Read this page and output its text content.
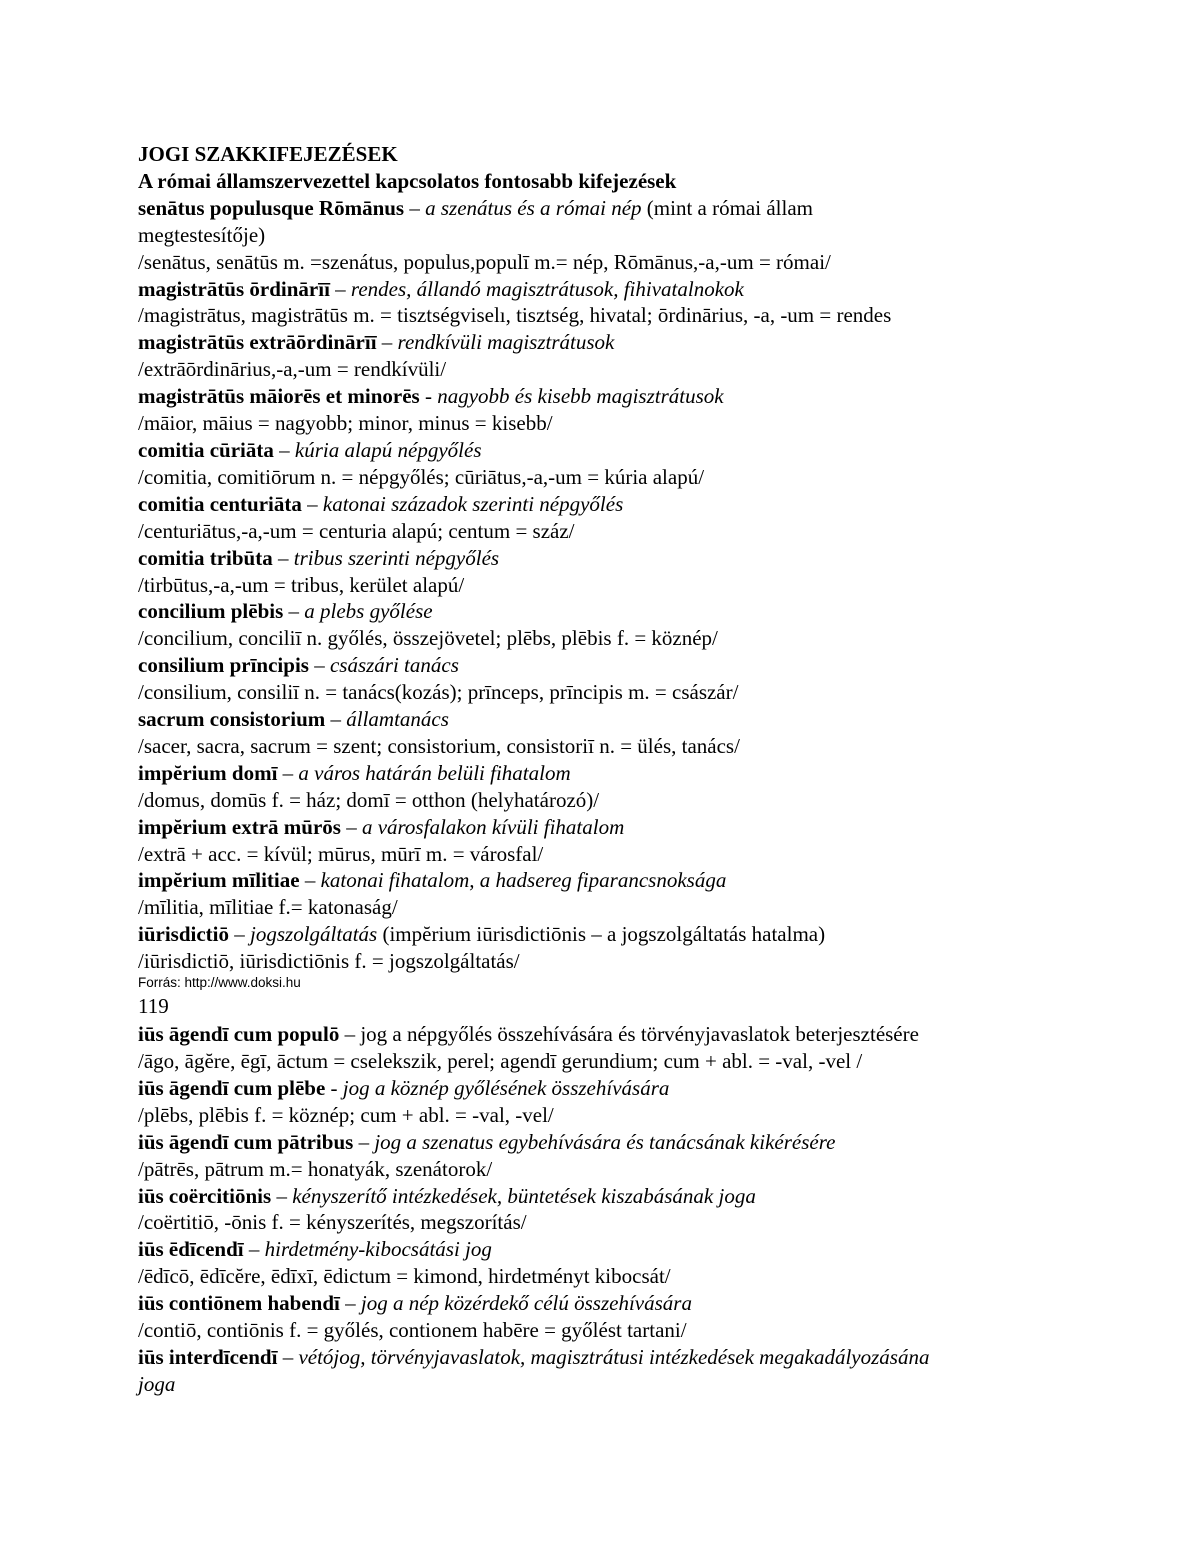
JOGI SZAKKIFEJEZÉSEK

A római államszervezettel kapcsolatos fontosabb kifejezések

senātus populusque Rōmānus – a szenátus és a római nép (mint a római állam

megtestesítője)

/senātus, senātūs m. =szenátus, populus,populī m.= nép, Rōmānus,-a,-um = római/

magistrātūs ōrdinārīī – rendes, állandó magisztrátusok, fihivatalnokok

/magistrātus, magistrātūs m. = tisztségviselı, tisztség, hivatal; ōrdinārius, -a, -um = rendes

magistrātūs extrāōrdinārīī – rendkívüli magisztrátusok

/extrāōrdinārius,-a,-um = rendkívüli/

magistrātūs māiorēs et minorēs - nagyobb és kisebb magisztrátusok

/māior, māius = nagyobb; minor, minus = kisebb/

comitia cūriāta – kúria alapú népgyőlés

/comitia, comitiōrum n. = népgyőlés; cūriātus,-a,-um = kúria alapú/

comitia centuriāta – katonai századok szerinti népgyőlés

/centuriātus,-a,-um = centuria alapú; centum = száz/

comitia tribūta – tribus szerinti népgyőlés

/tirbūtus,-a,-um = tribus, kerület alapú/

concilium plēbis – a plebs győlése

/concilium, conciliī n. győlés, összejövetel; plēbs, plēbis f. = köznép/

consilium prīncipis – császári tanács

/consilium, consiliī n. = tanács(kozás); prīnceps, prīncipis m. = császár/

sacrum consistorium – államtanács

/sacer, sacra, sacrum = szent; consistorium, consistoriī n. = ülés, tanács/

impĕrium domī – a város határán belüli fihatalom

/domus, domūs f. = ház; domī = otthon (helyhatározó)/

impĕrium extrā mūrōs – a városfalakon kívüli fihatalom

/extrā + acc. = kívül; mūrus, mūrī m. = városfal/

impĕrium mīlitiae – katonai fihatalom, a hadsereg fiparancsnoksága

/mīlitia, mīlitiae f.= katonaság/

iūrisdictiō – jogszolgáltatás (impĕrium iūrisdictiōnis – a jogszolgáltatás hatalma)

/iūrisdictiō, iūrisdictiōnis f. = jogszolgáltatás/

Forrás: http://www.doksi.hu

119

iūs āgendī cum populō – jog a népgyőlés összehívására és törvényjavaslatok beterjesztésére

/āgo, āgĕre, ēgī, āctum = cselekszik, perel; agendī gerundium; cum + abl. = -val, -vel /

iūs āgendī cum plēbe - jog a köznép győlésének összehívására

/plēbs, plēbis f. = köznép; cum + abl. = -val, -vel/

iūs āgendī cum pātribus – jog a szenatus egybehívására és tanácsának kikérésére

/pātrēs, pātrum m.= honatyák, szenátorok/

iūs coërcitiōnis – kényszerítő intézkedések, büntetések kiszabásának joga

/coërtitiō, -ōnis f. = kényszerítés, megszorítás/

iūs ēdīcendī – hirdetmény-kibocsátási jog

/ēdīcō, ēdīcĕre, ēdīxī, ēdictum = kimond, hirdetményt kibocsát/

iūs contiōnem habendī – jog a nép közérdekő célú összehívására

/contiō, contiōnis f. = győlés, contionem habēre = győlést tartani/

iūs interdīcendī – vétójog, törvényjavaslatok, magisztrátusi intézkedések megakadályozásána

joga
